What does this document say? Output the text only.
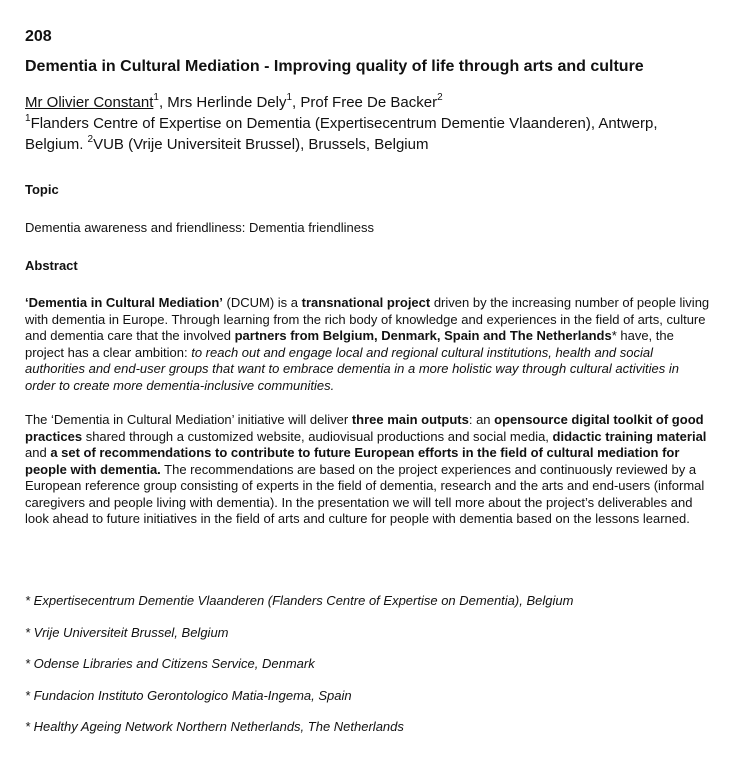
208
Dementia in Cultural Mediation - Improving quality of life through arts and culture
Mr Olivier Constant$^1$, Mrs Herlinde Dely$^1$, Prof Free De Backer$^2$
$^1$Flanders Centre of Expertise on Dementia (Expertisecentrum Dementie Vlaanderen), Antwerp, Belgium. $^2$VUB (Vrije Universiteit Brussel), Brussels, Belgium
Topic
Dementia awareness and friendliness: Dementia friendliness
Abstract
‘Dementia in Cultural Mediation’ (DCUM) is a transnational project driven by the increasing number of people living with dementia in Europe. Through learning from the rich body of knowledge and experiences in the field of arts, culture and dementia care that the involved partners from Belgium, Denmark, Spain and The Netherlands* have, the project has a clear ambition: to reach out and engage local and regional cultural institutions, health and social authorities and end-user groups that want to embrace dementia in a more holistic way through cultural activities in order to create more dementia-inclusive communities.
The ‘Dementia in Cultural Mediation’ initiative will deliver three main outputs: an opensource digital toolkit of good practices shared through a customized website, audiovisual productions and social media, didactic training material and a set of recommendations to contribute to future European efforts in the field of cultural mediation for people with dementia. The recommendations are based on the project experiences and continuously reviewed by a European reference group consisting of experts in the field of dementia, research and the arts and end-users (informal caregivers and people living with dementia). In the presentation we will tell more about the project’s deliverables and look ahead to future initiatives in the field of arts and culture for people with dementia based on the lessons learned.
* Expertisecentrum Dementie Vlaanderen (Flanders Centre of Expertise on Dementia), Belgium
* Vrije Universiteit Brussel, Belgium
* Odense Libraries and Citizens Service, Denmark
* Fundacion Instituto Gerontologico Matia-Ingema, Spain
* Healthy Ageing Network Northern Netherlands, The Netherlands
